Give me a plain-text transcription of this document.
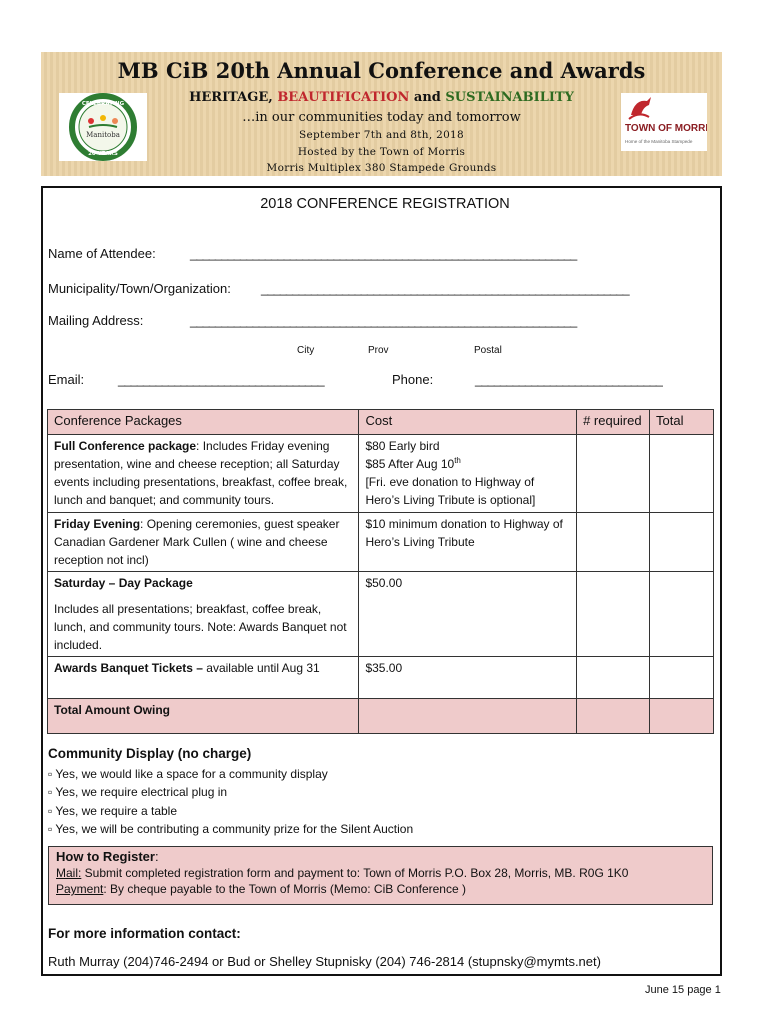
MB CiB 20th Annual Conference and Awards
HERITAGE, BEAUTIFICATION and SUSTAINABILITY
…in our communities today and tomorrow
September 7th and 8th, 2018
Hosted by the Town of Morris
Morris Multiplex 380 Stampede Grounds
CELEBRATING
Manitoba
20 YEARS
TOWN OF MORRIS
Home of the Manitoba Stampede
2018 CONFERENCE REGISTRATION
Name of Attendee:	______________________________________________________________
Municipality/Town/Organization: ___________________________________________________________
Mailing Address:	______________________________________________________________
City	Prov	Postal
Email:	_________________________________	Phone:	______________________________
Conference Packages	Cost	# required	Total
Full Conference package: Includes Friday evening presentation, wine and cheese reception; all Saturday events including presentations, breakfast, coffee break, lunch and banquet; and community tours.	$80 Early bird
$85 After Aug 10th
[Fri. eve donation to Highway of Hero’s Living Tribute is optional]		

Friday Evening: Opening ceremonies, guest speaker Canadian Gardener Mark Cullen ( wine and cheese reception not incl)	$10 minimum donation to Highway of Hero’s Living Tribute		

Saturday – Day Package
Includes all presentations; breakfast, coffee break, lunch, and community tours. Note: Awards Banquet not included.	$50.00		
Awards Banquet Tickets – available until Aug 31	$35.00		
Total Amount Owing			
Community Display (no charge)
▫ Yes, we would like a space for a community display
▫ Yes, we require electrical plug in
▫ Yes, we require a table
▫ Yes, we will be contributing a community prize for the Silent Auction
How to Register:
Mail: Submit completed registration form and payment to: Town of Morris P.O. Box 28, Morris, MB. R0G 1K0
Payment: By cheque payable to the Town of Morris (Memo: CiB Conference )
For more information contact:
Ruth Murray (204)746-2494 or Bud or Shelley Stupnisky (204) 746-2814 (stupnsky@mymts.net)
June 15 page 1
